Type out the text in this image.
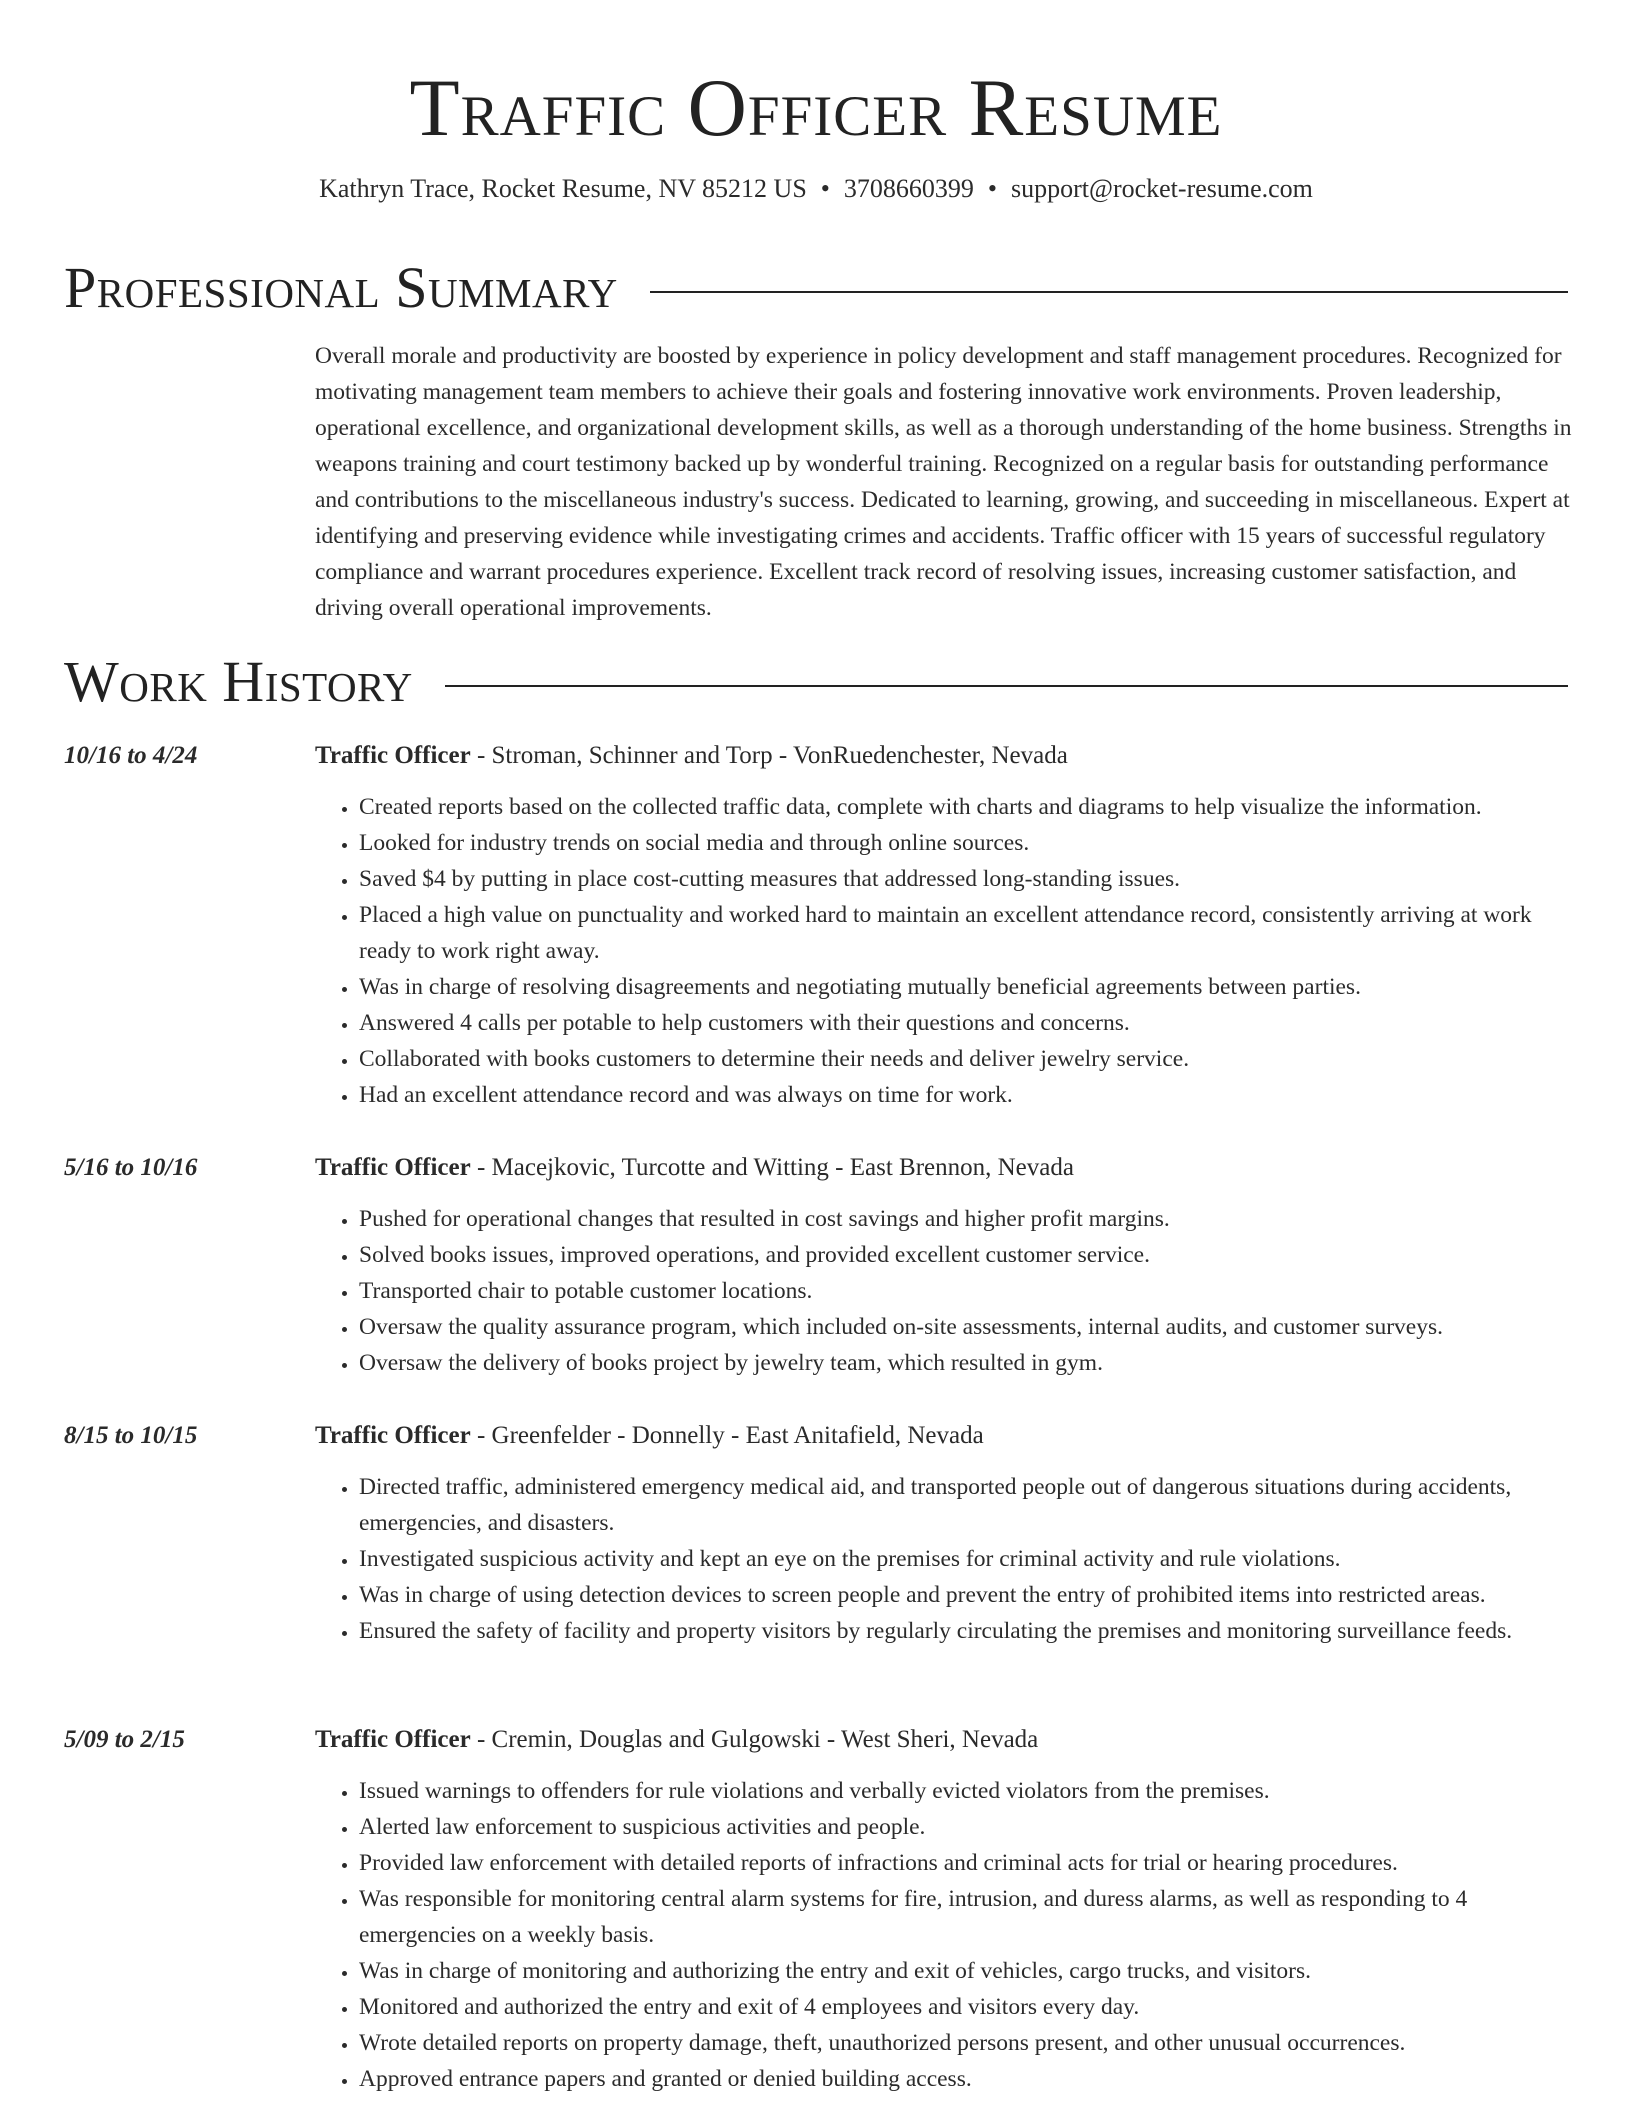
Traffic Officer Resume

Kathryn Trace, Rocket Resume, NV 85212 US • 3708660399 • support@rocket-resume.com

Professional Summary

Overall morale and productivity are boosted by experience in policy development and staff management procedures. Recognized for motivating management team members to achieve their goals and fostering innovative work environments. Proven leadership, operational excellence, and organizational development skills, as well as a thorough understanding of the home business. Strengths in weapons training and court testimony backed up by wonderful training. Recognized on a regular basis for outstanding performance and contributions to the miscellaneous industry's success. Dedicated to learning, growing, and succeeding in miscellaneous. Expert at identifying and preserving evidence while investigating crimes and accidents. Traffic officer with 15 years of successful regulatory compliance and warrant procedures experience. Excellent track record of resolving issues, increasing customer satisfaction, and driving overall operational improvements.

Work History
10/16 to 4/24	Traffic Officer - Stroman, Schinner and Torp - VonRuedenchester, Nevada
• Created reports based on the collected traffic data, complete with charts and diagrams to help visualize the information.
• Looked for industry trends on social media and through online sources.
• Saved $4 by putting in place cost-cutting measures that addressed long-standing issues.
• Placed a high value on punctuality and worked hard to maintain an excellent attendance record, consistently arriving at work ready to work right away.
• Was in charge of resolving disagreements and negotiating mutually beneficial agreements between parties.
• Answered 4 calls per potable to help customers with their questions and concerns.
• Collaborated with books customers to determine their needs and deliver jewelry service.
• Had an excellent attendance record and was always on time for work.
5/16 to 10/16	Traffic Officer - Macejkovic, Turcotte and Witting - East Brennon, Nevada
• Pushed for operational changes that resulted in cost savings and higher profit margins.
• Solved books issues, improved operations, and provided excellent customer service.
• Transported chair to potable customer locations.
• Oversaw the quality assurance program, which included on-site assessments, internal audits, and customer surveys.
• Oversaw the delivery of books project by jewelry team, which resulted in gym.
8/15 to 10/15	Traffic Officer - Greenfelder - Donnelly - East Anitafield, Nevada
• Directed traffic, administered emergency medical aid, and transported people out of dangerous situations during accidents, emergencies, and disasters.
• Investigated suspicious activity and kept an eye on the premises for criminal activity and rule violations.
• Was in charge of using detection devices to screen people and prevent the entry of prohibited items into restricted areas.
• Ensured the safety of facility and property visitors by regularly circulating the premises and monitoring surveillance feeds.
5/09 to 2/15	Traffic Officer - Cremin, Douglas and Gulgowski - West Sheri, Nevada
• Issued warnings to offenders for rule violations and verbally evicted violators from the premises.
• Alerted law enforcement to suspicious activities and people.
• Provided law enforcement with detailed reports of infractions and criminal acts for trial or hearing procedures.
• Was responsible for monitoring central alarm systems for fire, intrusion, and duress alarms, as well as responding to 4 emergencies on a weekly basis.
• Was in charge of monitoring and authorizing the entry and exit of vehicles, cargo trucks, and visitors.
• Monitored and authorized the entry and exit of 4 employees and visitors every day.
• Wrote detailed reports on property damage, theft, unauthorized persons present, and other unusual occurrences.
• Approved entrance papers and granted or denied building access.
